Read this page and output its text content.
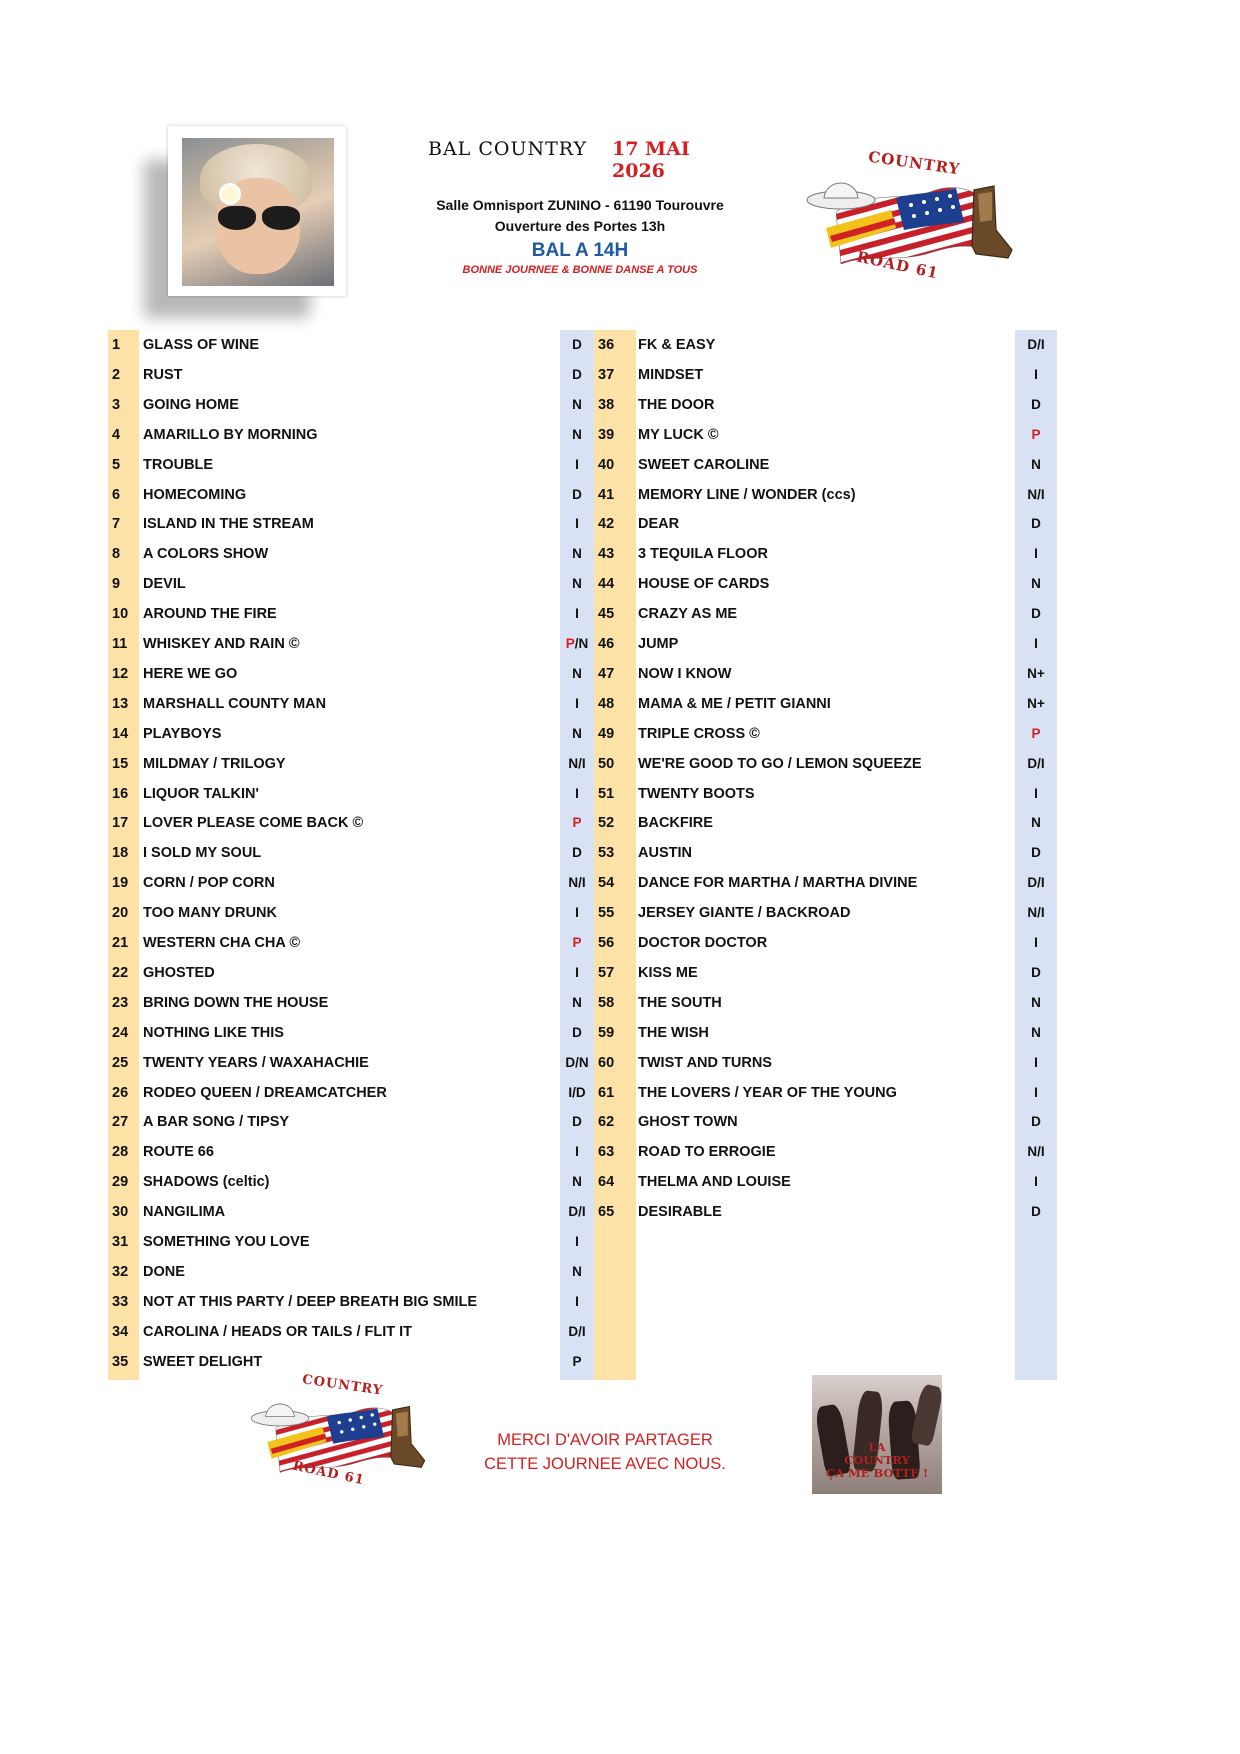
BAL COUNTRY 17 MAI 2026
Salle Omnisport ZUNINO - 61190 Tourouvre
Ouverture des Portes 13h
BAL A 14H
BONNE JOURNEE & BONNE DANSE A TOUS
COUNTRY
ROAD 61
1	GLASS OF WINE	D
2	RUST	D
3	GOING HOME	N
4	AMARILLO BY MORNING	N
5	TROUBLE	I
6	HOMECOMING	D
7	ISLAND IN THE STREAM	I
8	A COLORS SHOW	N
9	DEVIL	N
10	AROUND THE FIRE	I
11	WHISKEY AND RAIN ©	P/N
12	HERE WE GO	N
13	MARSHALL COUNTY MAN	I
14	PLAYBOYS	N
15	MILDMAY / TRILOGY	N/I
16	LIQUOR TALKIN'	I
17	LOVER PLEASE COME BACK ©	P
18	I SOLD MY SOUL	D
19	CORN / POP CORN	N/I
20	TOO MANY DRUNK	I
21	WESTERN CHA CHA ©	P
22	GHOSTED	I
23	BRING DOWN THE HOUSE	N
24	NOTHING LIKE THIS	D
25	TWENTY YEARS / WAXAHACHIE	D/N
26	RODEO QUEEN / DREAMCATCHER	I/D
27	A BAR SONG / TIPSY	D
28	ROUTE 66	I
29	SHADOWS (celtic)	N
30	NANGILIMA	D/I
31	SOMETHING YOU LOVE	I
32	DONE	N
33	NOT AT THIS PARTY / DEEP BREATH BIG SMILE	I
34	CAROLINA / HEADS OR TAILS / FLIT IT	D/I
35	SWEET DELIGHT	P
36	FK & EASY	D/I
37	MINDSET	I
38	THE DOOR	D
39	MY LUCK ©	P
40	SWEET CAROLINE	N
41	MEMORY LINE / WONDER (ccs)	N/I
42	DEAR	D
43	3 TEQUILA FLOOR	I
44	HOUSE OF CARDS	N
45	CRAZY AS ME	D
46	JUMP	I
47	NOW I KNOW	N+
48	MAMA & ME / PETIT GIANNI	N+
49	TRIPLE CROSS ©	P
50	WE'RE GOOD TO GO / LEMON SQUEEZE	D/I
51	TWENTY BOOTS	I
52	BACKFIRE	N
53	AUSTIN	D
54	DANCE FOR MARTHA / MARTHA DIVINE	D/I
55	JERSEY GIANTE / BACKROAD	N/I
56	DOCTOR DOCTOR	I
57	KISS ME	D
58	THE SOUTH	N
59	THE WISH	N
60	TWIST AND TURNS	I
61	THE LOVERS / YEAR OF THE YOUNG	I
62	GHOST TOWN	D
63	ROAD TO ERROGIE	N/I
64	THELMA AND LOUISE	I
65	DESIRABLE	D
COUNTRY
ROAD 61
MERCI D'AVOIR PARTAGER
CETTE JOURNEE AVEC NOUS.
LA
COUNTRY
ÇA ME BOTTE !
